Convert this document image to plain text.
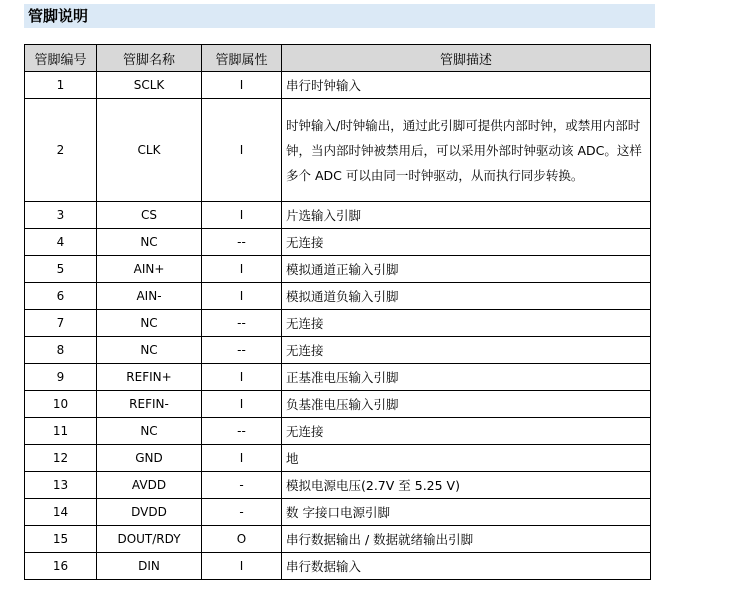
管脚说明
管脚编号	管脚名称	管脚属性	管脚描述
1	SCLK	I	串行时钟输入
2	CLK	I	时钟输入/时钟输出，通过此引脚可提供内部时钟，或禁用内部时钟，当内部时钟被禁用后，可以采用外部时钟驱动该 ADC。这样多个 ADC 可以由同一时钟驱动，从而执行同步转换。
3	CS	I	片选输入引脚
4	NC	--	无连接
5	AIN+	I	模拟通道正输入引脚
6	AIN-	I	模拟通道负输入引脚
7	NC	--	无连接
8	NC	--	无连接
9	REFIN+	I	正基准电压输入引脚
10	REFIN-	I	负基准电压输入引脚
11	NC	--	无连接
12	GND	I	地
13	AVDD	-	模拟电源电压(2.7V 至 5.25 V)
14	DVDD	-	数 字接口电源引脚
15	DOUT/RDY	O	串行数据输出 / 数据就绪输出引脚
16	DIN	I	串行数据输入
